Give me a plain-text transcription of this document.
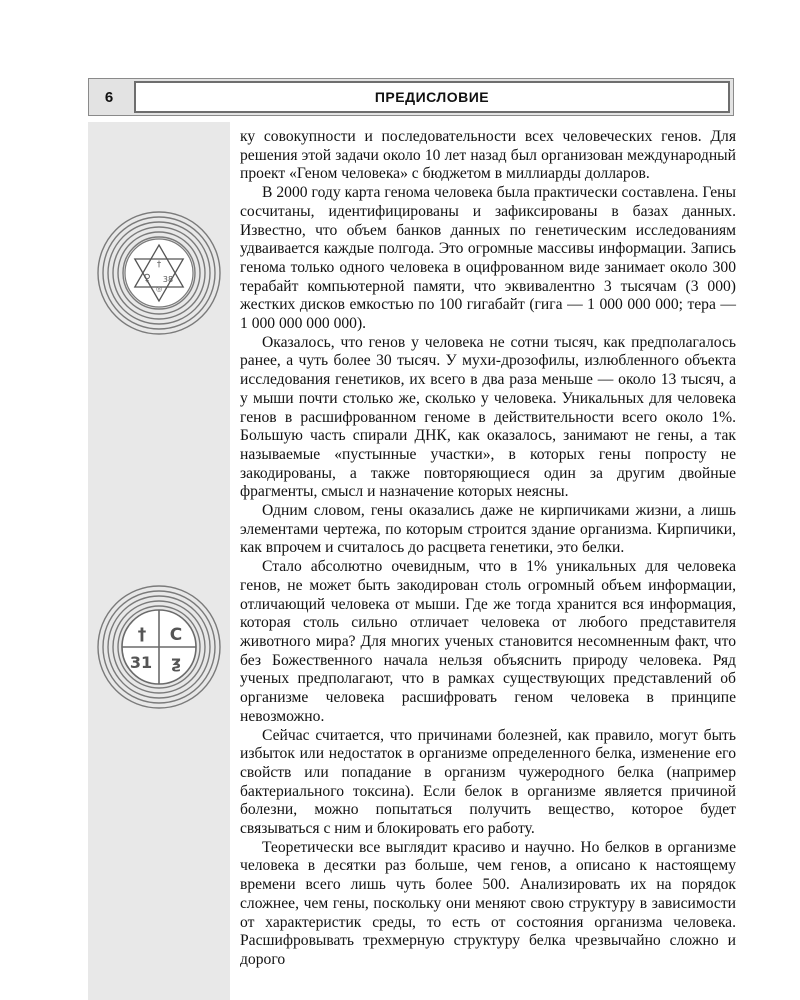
6	ПРЕДИСЛОВИЕ
†
♀ 38
◎
† C
31 ƺ

ку совокупности и последовательности всех человеческих генов. Для решения этой задачи около 10 лет назад был организован международный проект «Геном человека» с бюджетом в миллиарды долларов.

В 2000 году карта генома человека была практически составлена. Гены сосчитаны, идентифицированы и зафиксированы в базах данных. Известно, что объем банков данных по генетическим исследованиям удваивается каждые полгода. Это огромные массивы информации. Запись генома только одного человека в оцифрованном виде занимает около 300 терабайт компьютерной памяти, что эквивалентно 3 тысячам (3 000) жестких дисков емкостью по 100 гигабайт (гига — 1 000 000 000; тера — 1 000 000 000 000).

Оказалось, что генов у человека не сотни тысяч, как предполагалось ранее, а чуть более 30 тысяч. У мухи-дрозофилы, излюбленного объекта исследования генетиков, их всего в два раза меньше — около 13 тысяч, а у мыши почти столько же, сколько у человека. Уникальных для человека генов в расшифрованном геноме в действительности всего около 1%. Большую часть спирали ДНК, как оказалось, занимают не гены, а так называемые «пустынные участки», в которых гены попросту не закодированы, а также повторяющиеся один за другим двойные фрагменты, смысл и назначение которых неясны.

Одним словом, гены оказались даже не кирпичиками жизни, а лишь элементами чертежа, по которым строится здание организма. Кирпичики, как впрочем и считалось до расцвета генетики, это белки.

Стало абсолютно очевидным, что в 1% уникальных для человека генов, не может быть закодирован столь огромный объем информации, отличающий человека от мыши. Где же тогда хранится вся информация, которая столь сильно отличает человека от любого представителя животного мира? Для многих ученых становится несомненным факт, что без Божественного начала нельзя объяснить природу человека. Ряд ученых предполагают, что в рамках существующих представлений об организме человека расшифровать геном человека в принципе невозможно.

Сейчас считается, что причинами болезней, как правило, могут быть избыток или недостаток в организме определенного белка, изменение его свойств или попадание в организм чужеродного белка (например бактериального токсина). Если белок в организме является причиной болезни, можно попытаться получить вещество, которое будет связываться с ним и блокировать его работу.

Теоретически все выглядит красиво и научно. Но белков в организме человека в десятки раз больше, чем генов, а описано к настоящему времени всего лишь чуть более 500. Анализировать их на порядок сложнее, чем гены, поскольку они меняют свою структуру в зависимости от характеристик среды, то есть от состояния организма человека. Расшифровывать трехмерную структуру белка чрезвычайно сложно и дорого
